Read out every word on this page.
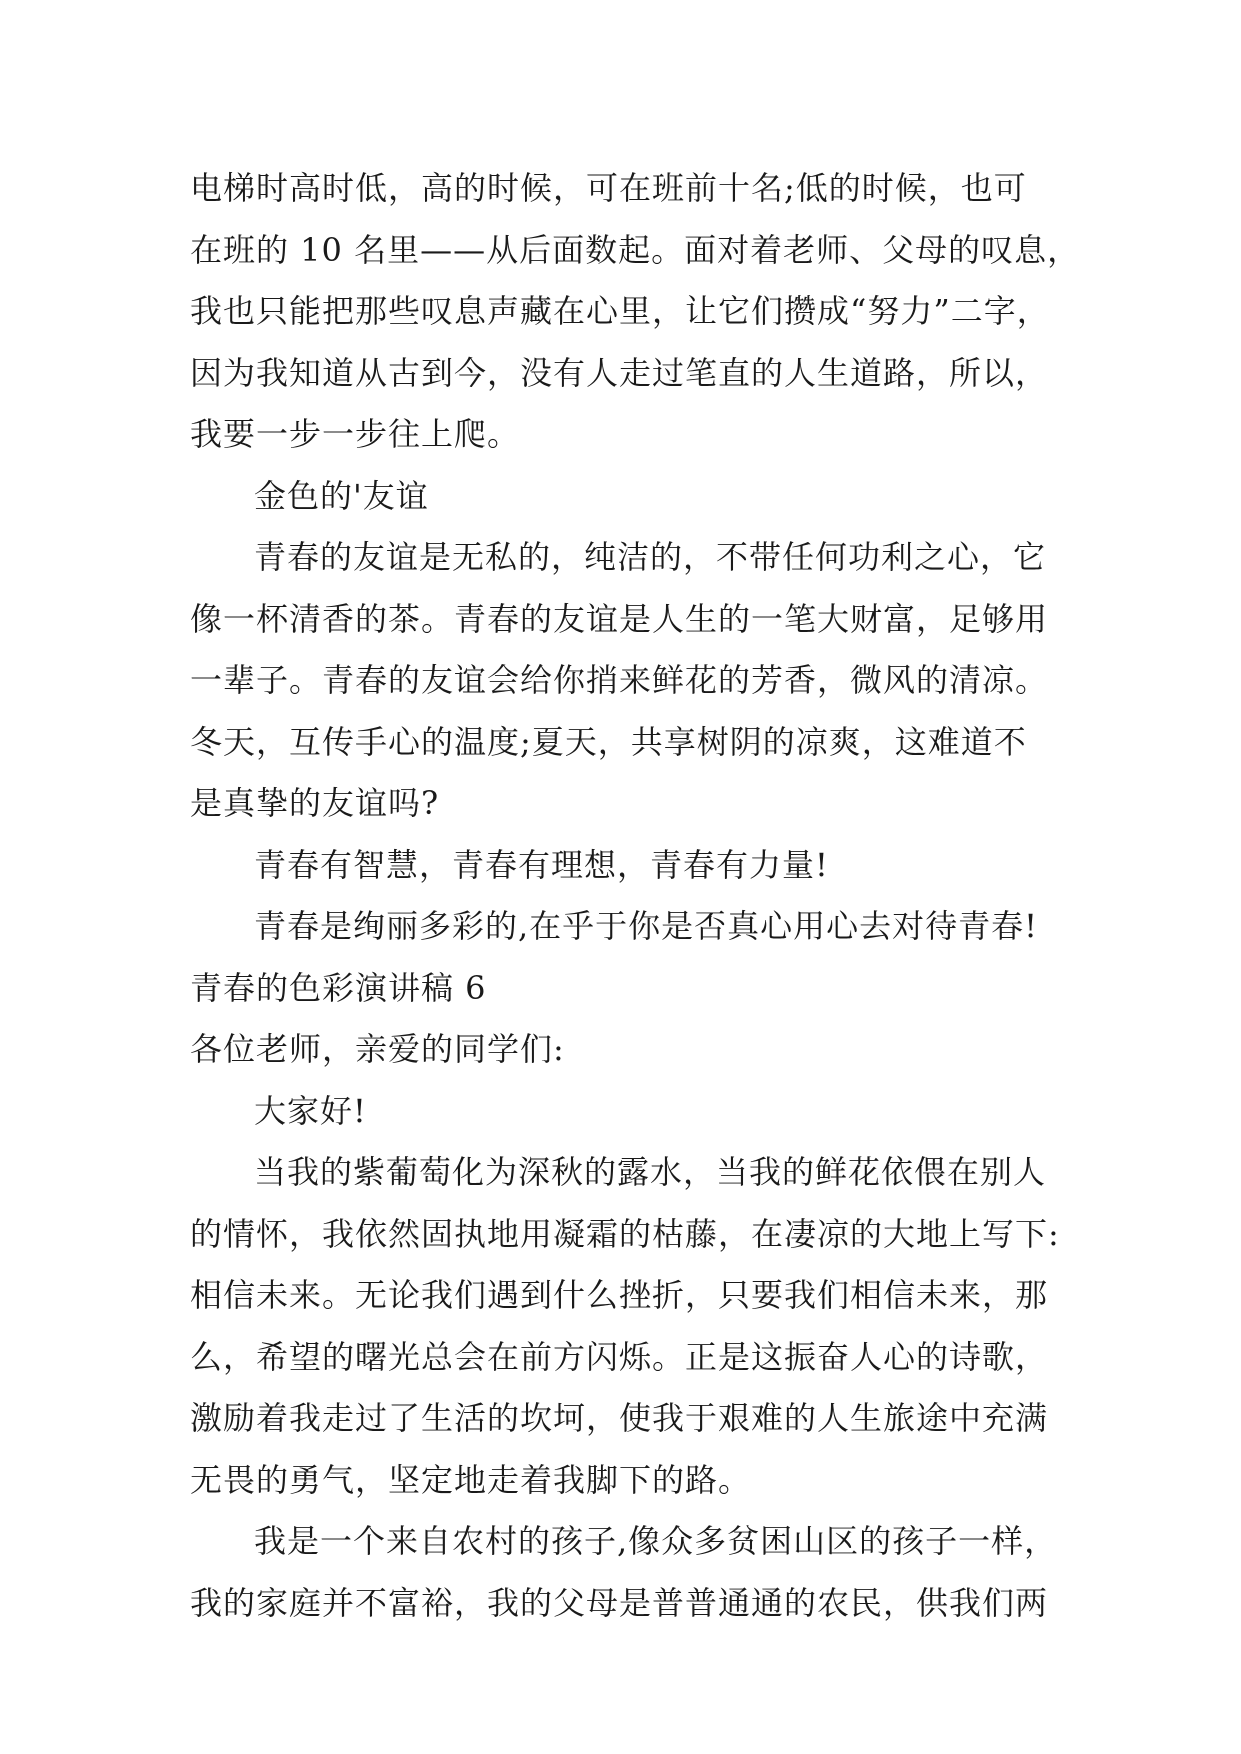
电梯时高时低，高的时候，可在班前十名;低的时候，也可
在班的 10 名里——从后面数起。面对着老师、父母的叹息，
我也只能把那些叹息声藏在心里，让它们攒成“努力”二字，
因为我知道从古到今，没有人走过笔直的人生道路，所以，
我要一步一步往上爬。
金色的'友谊
青春的友谊是无私的，纯洁的，不带任何功利之心，它
像一杯清香的茶。青春的友谊是人生的一笔大财富，足够用
一辈子。青春的友谊会给你捎来鲜花的芳香，微风的清凉。
冬天，互传手心的温度;夏天，共享树阴的凉爽，这难道不
是真挚的友谊吗?
青春有智慧，青春有理想，青春有力量!
青春是绚丽多彩的,在乎于你是否真心用心去对待青春!
青春的色彩演讲稿 6
各位老师，亲爱的同学们:
大家好!
当我的紫葡萄化为深秋的露水，当我的鲜花依偎在别人
的情怀，我依然固执地用凝霜的枯藤，在凄凉的大地上写下:
相信未来。无论我们遇到什么挫折，只要我们相信未来，那
么，希望的曙光总会在前方闪烁。正是这振奋人心的诗歌，
激励着我走过了生活的坎坷，使我于艰难的人生旅途中充满
无畏的勇气，坚定地走着我脚下的路。
我是一个来自农村的孩子,像众多贫困山区的孩子一样，
我的家庭并不富裕，我的父母是普普通通的农民，供我们两
